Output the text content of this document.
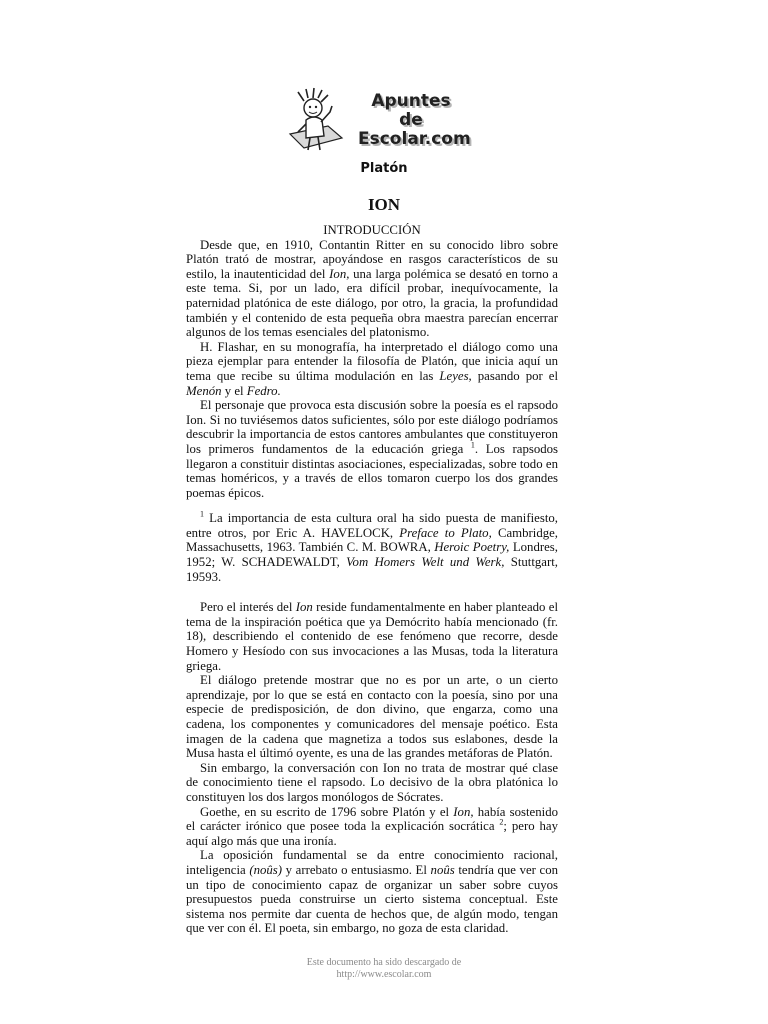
Apuntes
de
Escolar.com
Platón
ION

INTRODUCCIÓN

Desde que, en 1910, Contantin Ritter en su conocido libro sobre Platón trató de mostrar, apoyándose en rasgos característicos de su estilo, la inautenticidad del Ion, una larga polémica se desató en torno a este tema. Si, por un lado, era difícil probar, inequívocamente, la paternidad platónica de este diálogo, por otro, la gracia, la profundidad también y el contenido de esta pequeña obra maestra parecían encerrar algunos de los temas esenciales del platonismo.

H. Flashar, en su monografía, ha interpretado el diálogo como una pieza ejemplar para entender la filosofía de Platón, que inicia aquí un tema que recibe su última modulación en las Leyes, pasando por el Menón y el Fedro.

El personaje que provoca esta discusión sobre la poesía es el rapsodo Ion. Si no tuviésemos datos suficientes, sólo por este diálogo podríamos descubrir la importancia de estos cantores ambulantes que constituyeron los primeros fundamentos de la educación griega $^1$. Los rapsodos llegaron a constituir distintas asociaciones, especializadas, sobre todo en temas homéricos, y a través de ellos tomaron cuerpo los dos grandes poemas épicos.

$^1$ La importancia de esta cultura oral ha sido puesta de manifiesto, entre otros, por Eric A. HAVELOCK, Preface to Plato, Cambridge, Massachusetts, 1963. También C. M. BOWRA, Heroic Poetry, Londres, 1952; W. SCHADEWALDT, Vom Homers Welt und Werk, Stuttgart, 19593.

Pero el interés del Ion reside fundamentalmente en haber planteado el tema de la inspiración poética que ya Demócrito había mencionado (fr. 18), describiendo el contenido de ese fenómeno que recorre, desde Homero y Hesíodo con sus invocaciones a las Musas, toda la literatura griega.

El diálogo pretende mostrar que no es por un arte, o un cierto aprendizaje, por lo que se está en contacto con la poesía, sino por una especie de predisposición, de don divino, que engarza, como una cadena, los componentes y comunicadores del mensaje poético. Esta imagen de la cadena que magnetiza a todos sus eslabones, desde la Musa hasta el últimó oyente, es una de las grandes metáforas de Platón.

Sin embargo, la conversación con Ion no trata de mostrar qué clase de conocimiento tiene el rapsodo. Lo decisivo de la obra platónica lo constituyen los dos largos monólogos de Sócrates.

Goethe, en su escrito de 1796 sobre Platón y el Ion, había sostenido el carácter irónico que posee toda la explicación socrática $^2$; pero hay aquí algo más que una ironía.

La oposición fundamental se da entre conocimiento racional, inteligencia (noûs) y arrebato o entusiasmo. El noûs tendría que ver con un tipo de conocimiento capaz de organizar un saber sobre cuyos presupuestos pueda construirse un cierto sistema conceptual. Este sistema nos permite dar cuenta de hechos que, de algún modo, tengan que ver con él. El poeta, sin embargo, no goza de esta claridad.

Este documento ha sido descargado de
http://www.escolar.com
